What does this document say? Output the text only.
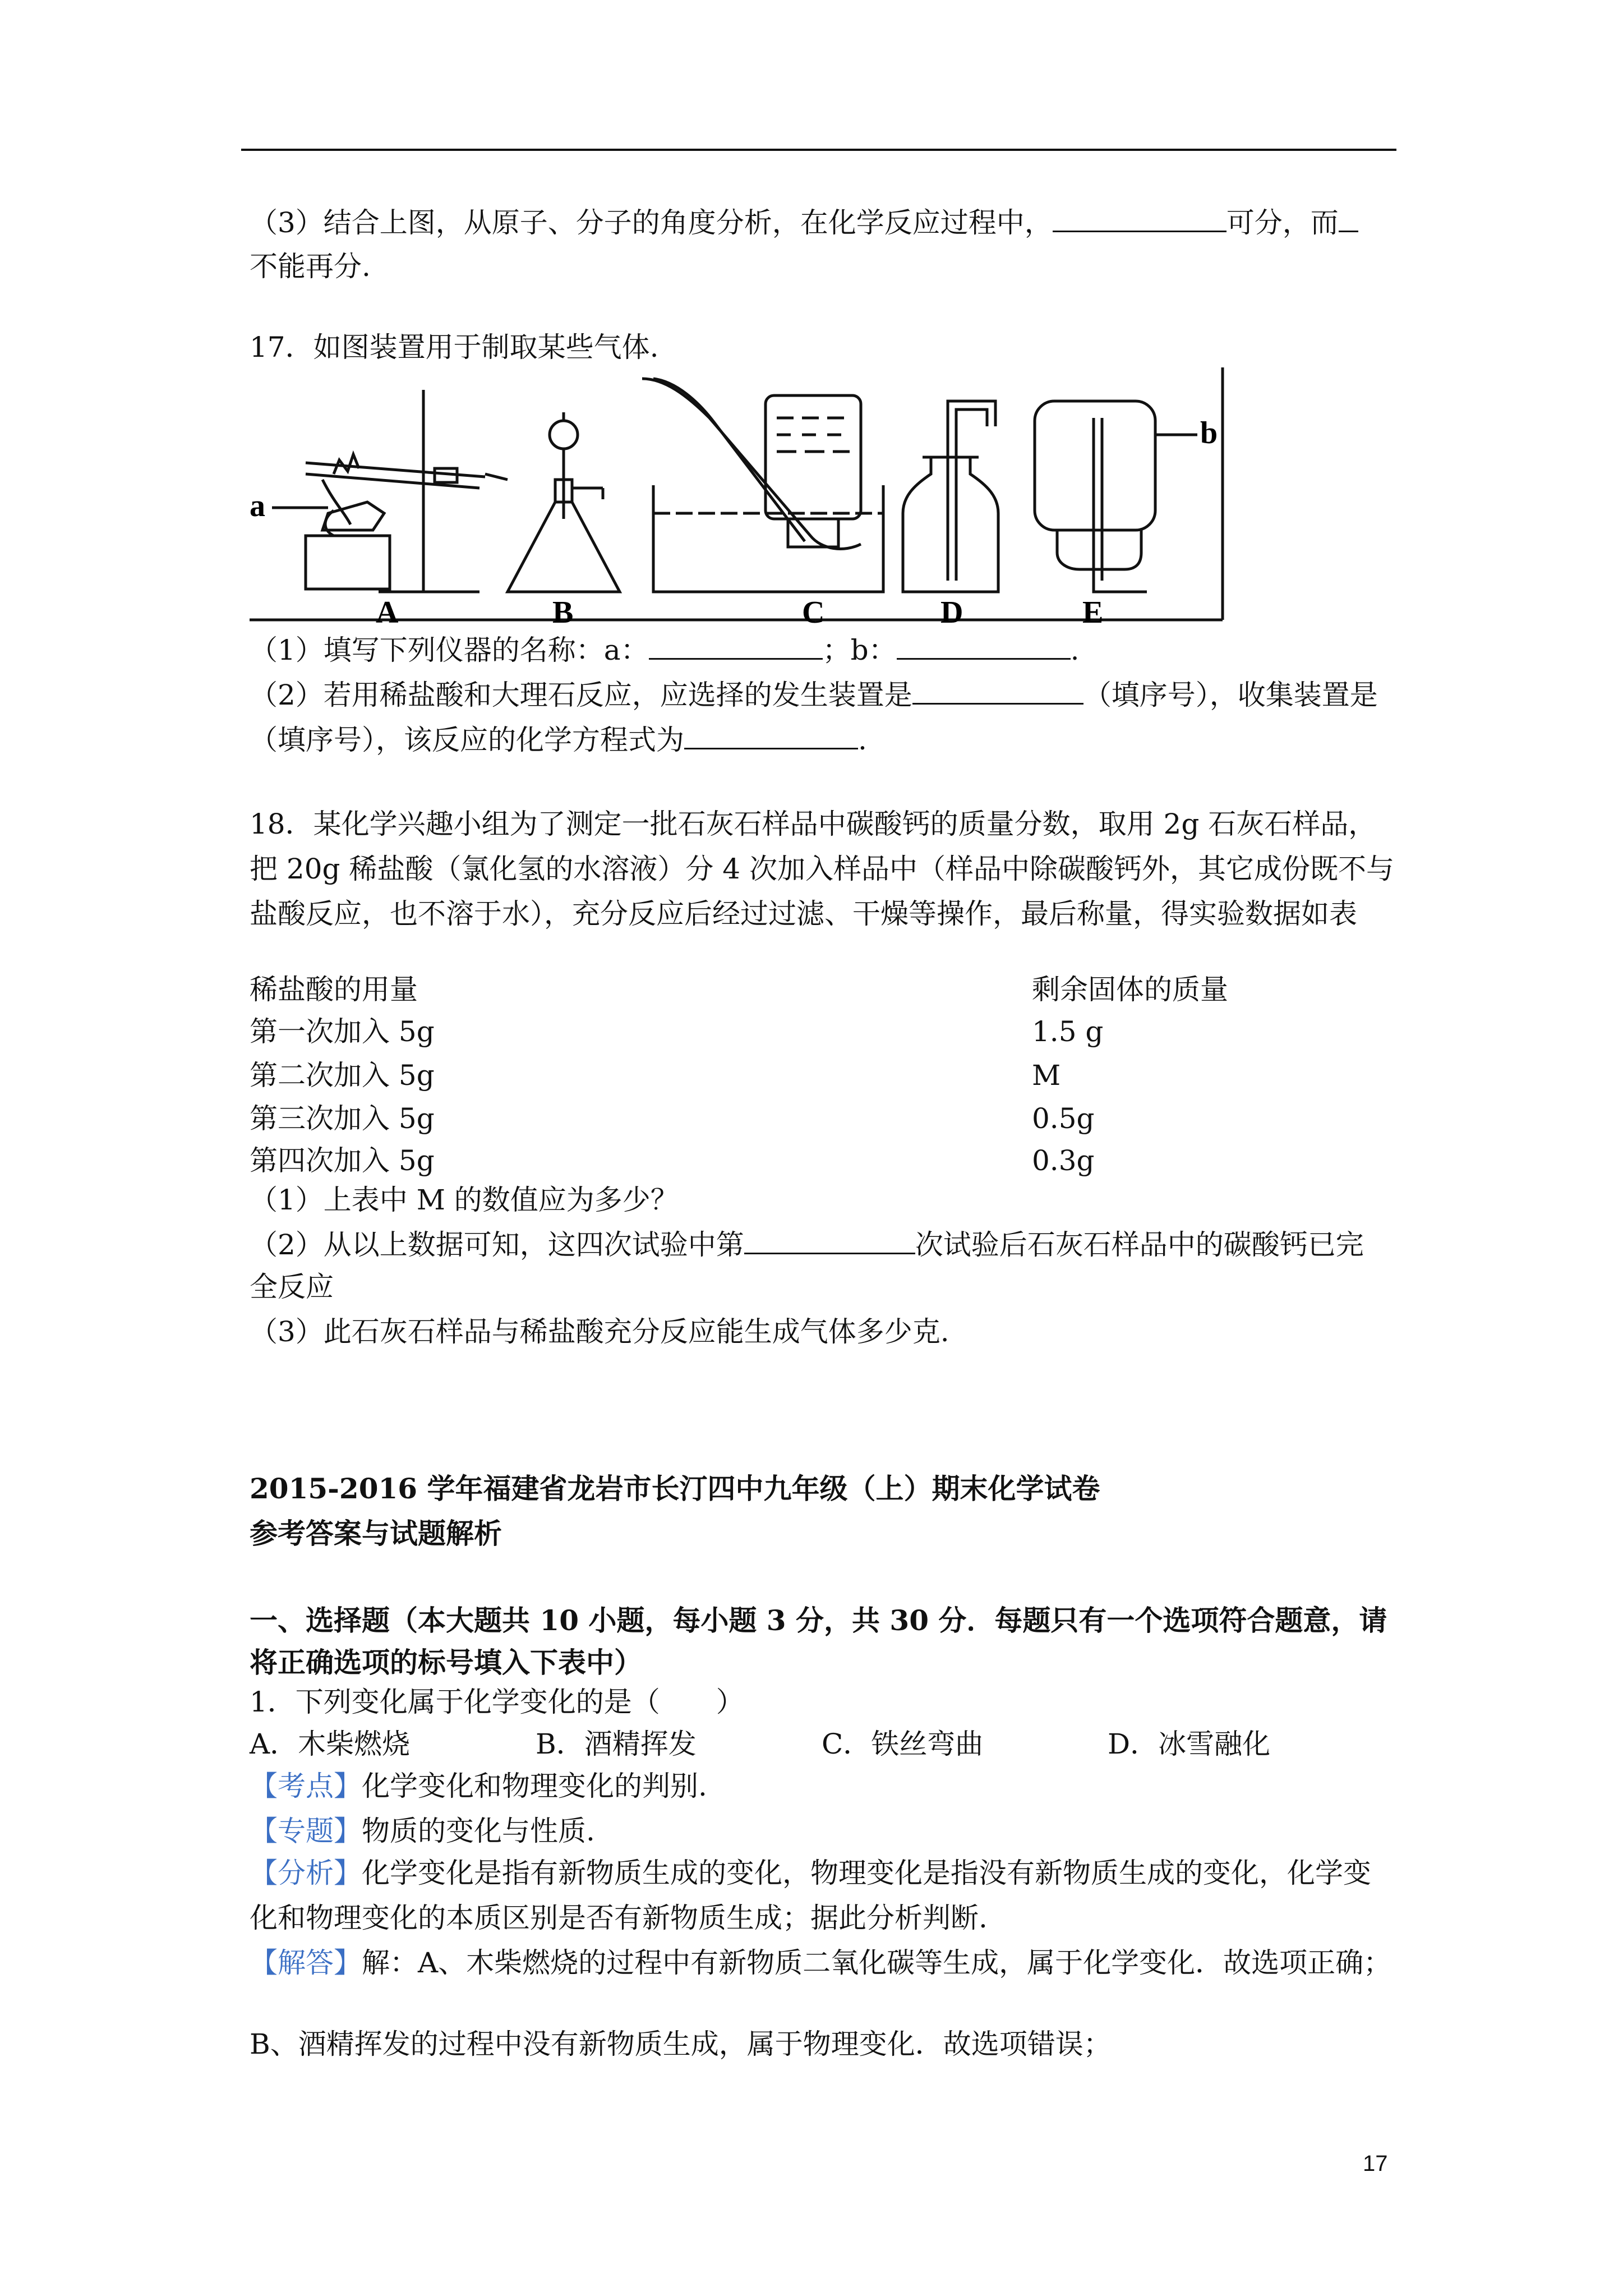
（3）结合上图，从原子、分子的角度分析，在化学反应过程中，	可分，而
不能再分.
17．如图装置用于制取某些气体.
a
b
A	B	C	D	E
（1）填写下列仪器的名称：a：	；b：	.
（2）若用稀盐酸和大理石反应，应选择的发生装置是	（填序号），收集装置是
（填序号），该反应的化学方程式为	.
18．某化学兴趣小组为了测定一批石灰石样品中碳酸钙的质量分数，取用 2g 石灰石样品，
把 20g 稀盐酸（氯化氢的水溶液）分 4 次加入样品中（样品中除碳酸钙外，其它成份既不与
盐酸反应，也不溶于水），充分反应后经过过滤、干燥等操作，最后称量，得实验数据如表
稀盐酸的用量	剩余固体的质量
第一次加入 5g	1.5 g
第二次加入 5g	M
第三次加入 5g	0.5g
第四次加入 5g	0.3g
（1）上表中 M 的数值应为多少？
（2）从以上数据可知，这四次试验中第	次试验后石灰石样品中的碳酸钙已完
全反应
（3）此石灰石样品与稀盐酸充分反应能生成气体多少克.
2015-2016 学年福建省龙岩市长汀四中九年级（上）期末化学试卷
参考答案与试题解析
一、选择题（本大题共 10 小题，每小题 3 分，共 30 分．每题只有一个选项符合题意，请
将正确选项的标号填入下表中）
1．下列变化属于化学变化的是（　　）
A．木柴燃烧	B．酒精挥发	C．铁丝弯曲	D．冰雪融化
【考点】化学变化和物理变化的判别.
【专题】物质的变化与性质.
【分析】化学变化是指有新物质生成的变化，物理变化是指没有新物质生成的变化，化学变
化和物理变化的本质区别是否有新物质生成；据此分析判断.
【解答】解：A、木柴燃烧的过程中有新物质二氧化碳等生成，属于化学变化．故选项正确；
B、酒精挥发的过程中没有新物质生成，属于物理变化．故选项错误；
17
